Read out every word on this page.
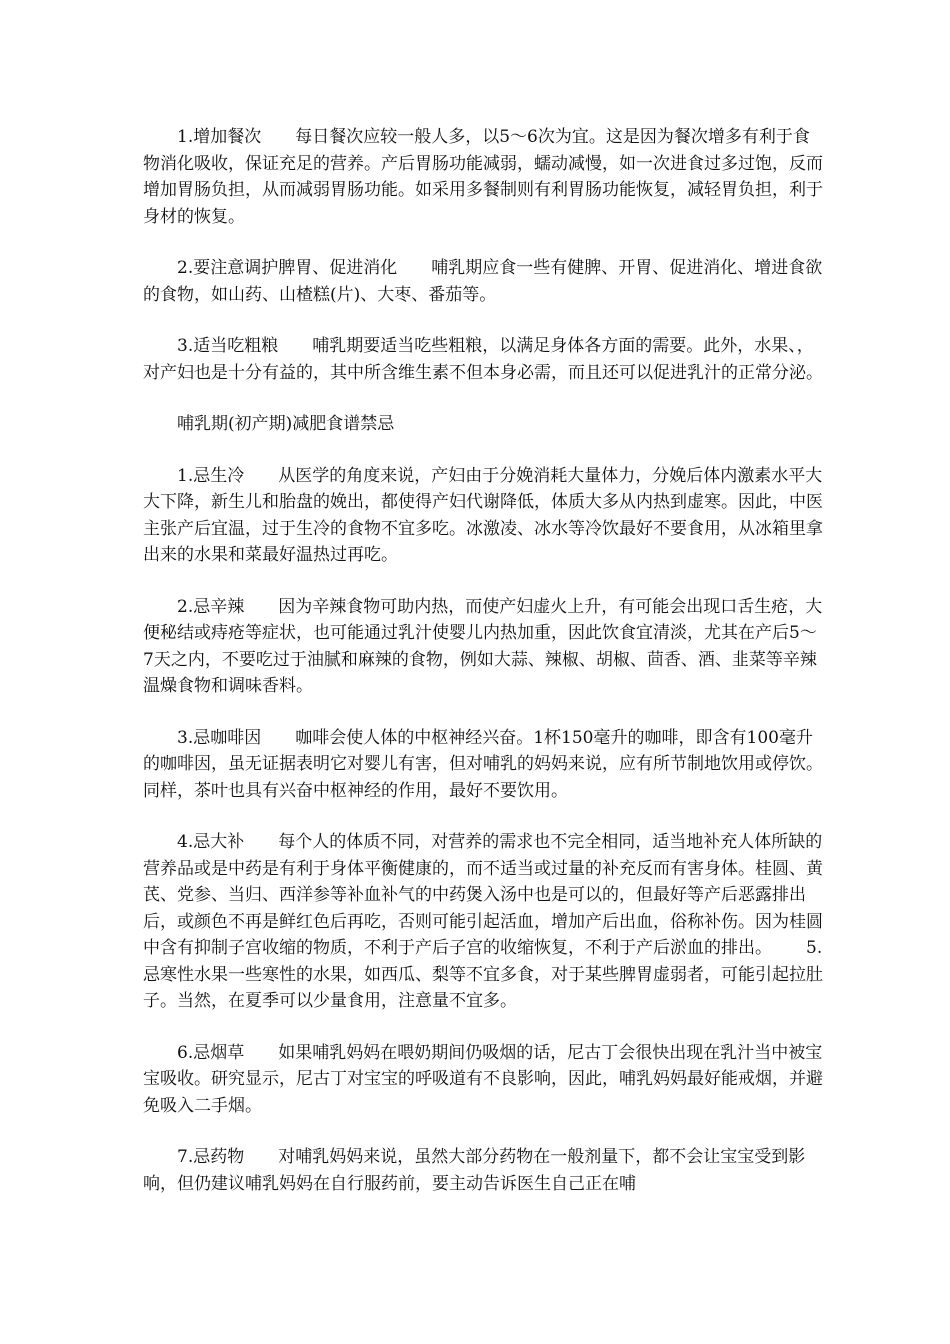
1.增加餐次 每日餐次应较一般人多，以5～6次为宜。这是因为餐次增多有利于食物消化吸收，保证充足的营养。产后胃肠功能减弱，蠕动减慢，如一次进食过多过饱，反而增加胃肠负担，从而减弱胃肠功能。如采用多餐制则有利胃肠功能恢复，减轻胃负担，利于身材的恢复。

2.要注意调护脾胃、促进消化 哺乳期应食一些有健脾、开胃、促进消化、增进食欲的食物，如山药、山楂糕(片)、大枣、番茄等。

3.适当吃粗粮 哺乳期要适当吃些粗粮，以满足身体各方面的需要。此外，水果、，对产妇也是十分有益的，其中所含维生素不但本身必需，而且还可以促进乳汁的正常分泌。

哺乳期(初产期)减肥食谱禁忌

1.忌生冷 从医学的角度来说，产妇由于分娩消耗大量体力，分娩后体内激素水平大大下降，新生儿和胎盘的娩出，都使得产妇代谢降低，体质大多从内热到虚寒。因此，中医主张产后宜温，过于生冷的食物不宜多吃。冰激凌、冰水等冷饮最好不要食用，从冰箱里拿出来的水果和菜最好温热过再吃。

2.忌辛辣 因为辛辣食物可助内热，而使产妇虚火上升，有可能会出现口舌生疮，大便秘结或痔疮等症状，也可能通过乳汁使婴儿内热加重，因此饮食宜清淡，尤其在产后5～7天之内，不要吃过于油腻和麻辣的食物，例如大蒜、辣椒、胡椒、茴香、酒、韭菜等辛辣温燥食物和调味香料。

3.忌咖啡因 咖啡会使人体的中枢神经兴奋。1杯150毫升的咖啡，即含有100毫升的咖啡因，虽无证据表明它对婴儿有害，但对哺乳的妈妈来说，应有所节制地饮用或停饮。同样，茶叶也具有兴奋中枢神经的作用，最好不要饮用。

4.忌大补 每个人的体质不同，对营养的需求也不完全相同，适当地补充人体所缺的营养品或是中药是有利于身体平衡健康的，而不适当或过量的补充反而有害身体。桂圆、黄芪、党参、当归、西洋参等补血补气的中药煲入汤中也是可以的，但最好等产后恶露排出后，或颜色不再是鲜红色后再吃，否则可能引起活血，增加产后出血，俗称补伤。因为桂圆中含有抑制子宫收缩的物质，不利于产后子宫的收缩恢复，不利于产后淤血的排出。 5.忌寒性水果一些寒性的水果，如西瓜、梨等不宜多食，对于某些脾胃虚弱者，可能引起拉肚子。当然，在夏季可以少量食用，注意量不宜多。

6.忌烟草 如果哺乳妈妈在喂奶期间仍吸烟的话，尼古丁会很快出现在乳汁当中被宝宝吸收。研究显示，尼古丁对宝宝的呼吸道有不良影响，因此，哺乳妈妈最好能戒烟，并避免吸入二手烟。

7.忌药物 对哺乳妈妈来说，虽然大部分药物在一般剂量下，都不会让宝宝受到影响，但仍建议哺乳妈妈在自行服药前，要主动告诉医生自己正在哺
